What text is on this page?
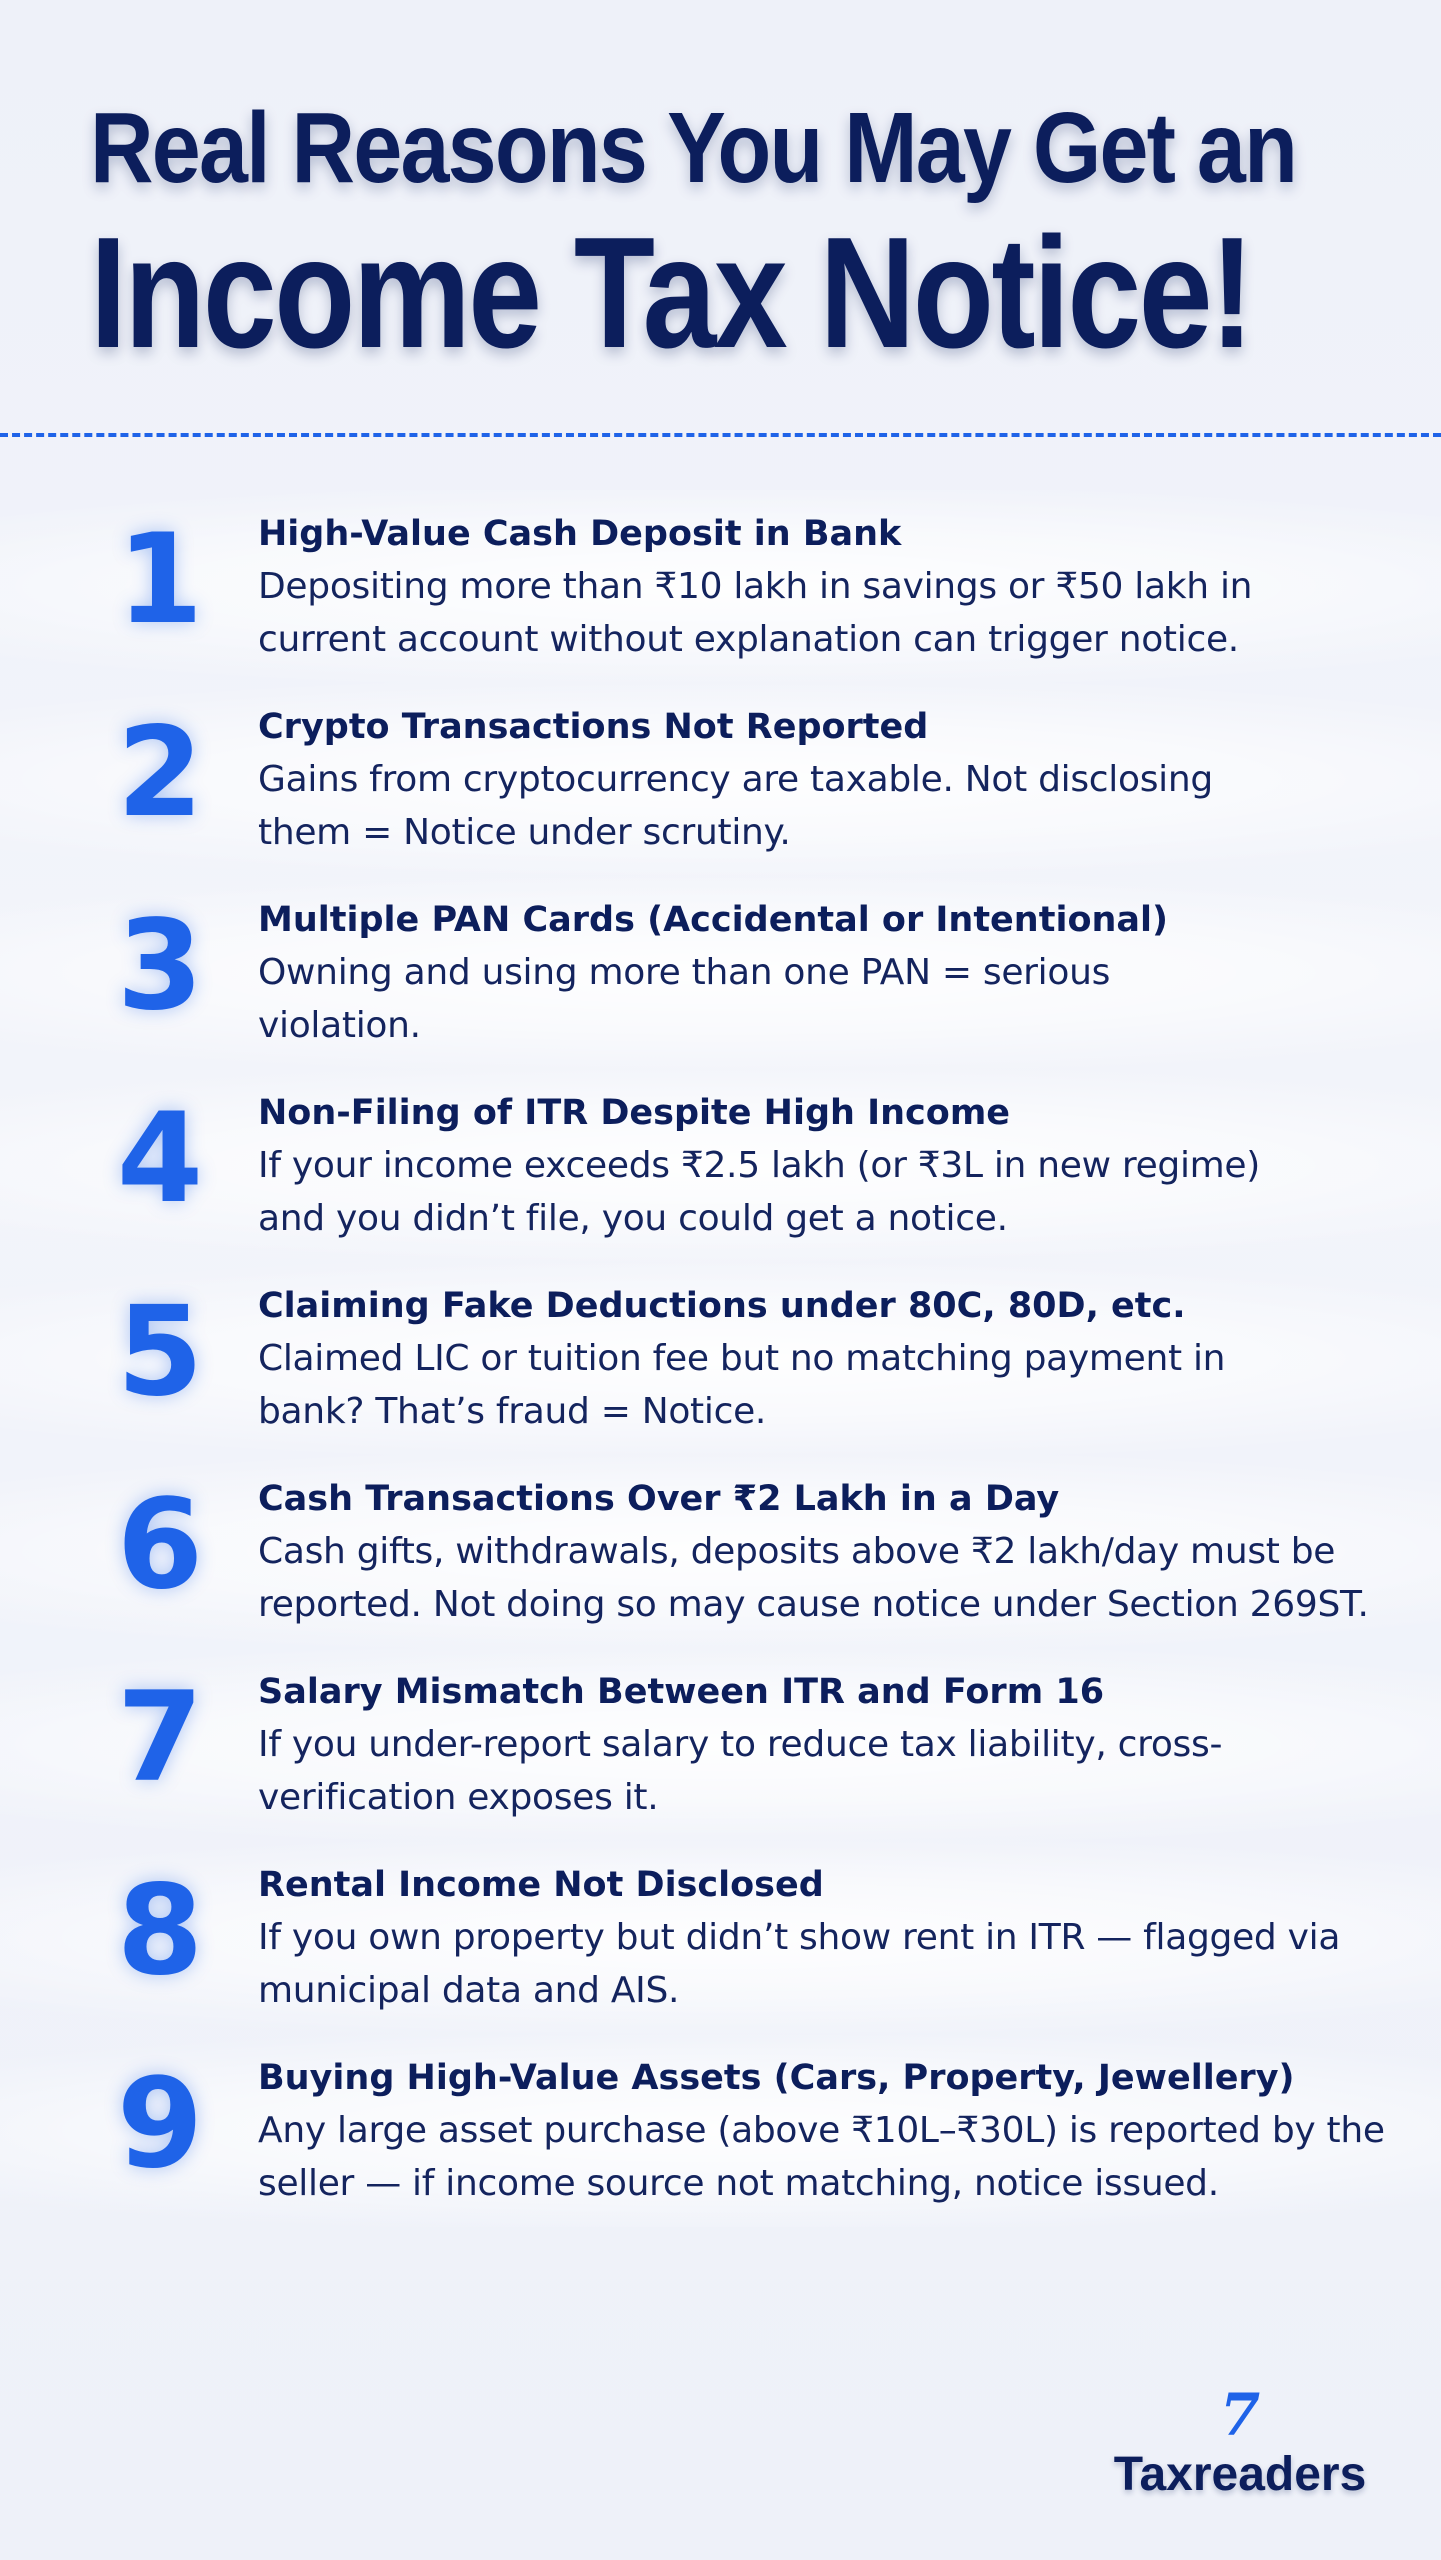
Real Reasons You May Get an
Income Tax Notice!
1	High-Value Cash Deposit in Bank
Depositing more than ₹10 lakh in savings or ₹50 lakh in
current account without explanation can trigger notice.
2	Crypto Transactions Not Reported
Gains from cryptocurrency are taxable. Not disclosing
them = Notice under scrutiny.
3	Multiple PAN Cards (Accidental or Intentional)
Owning and using more than one PAN = serious
violation.
4	Non-Filing of ITR Despite High Income
If your income exceeds ₹2.5 lakh (or ₹3L in new regime)
and you didn’t file, you could get a notice.
5	Claiming Fake Deductions under 80C, 80D, etc.
Claimed LIC or tuition fee but no matching payment in
bank? That’s fraud = Notice.
6	Cash Transactions Over ₹2 Lakh in a Day
Cash gifts, withdrawals, deposits above ₹2 lakh/day must be
reported. Not doing so may cause notice under Section 269ST.
7	Salary Mismatch Between ITR and Form 16
If you under-report salary to reduce tax liability, cross-
verification exposes it.
8	Rental Income Not Disclosed
If you own property but didn’t show rent in ITR — flagged via
municipal data and AIS.
9	Buying High-Value Assets (Cars, Property, Jewellery)
Any large asset purchase (above ₹10L–₹30L) is reported by the
seller — if income source not matching, notice issued.
7
Taxreaders
